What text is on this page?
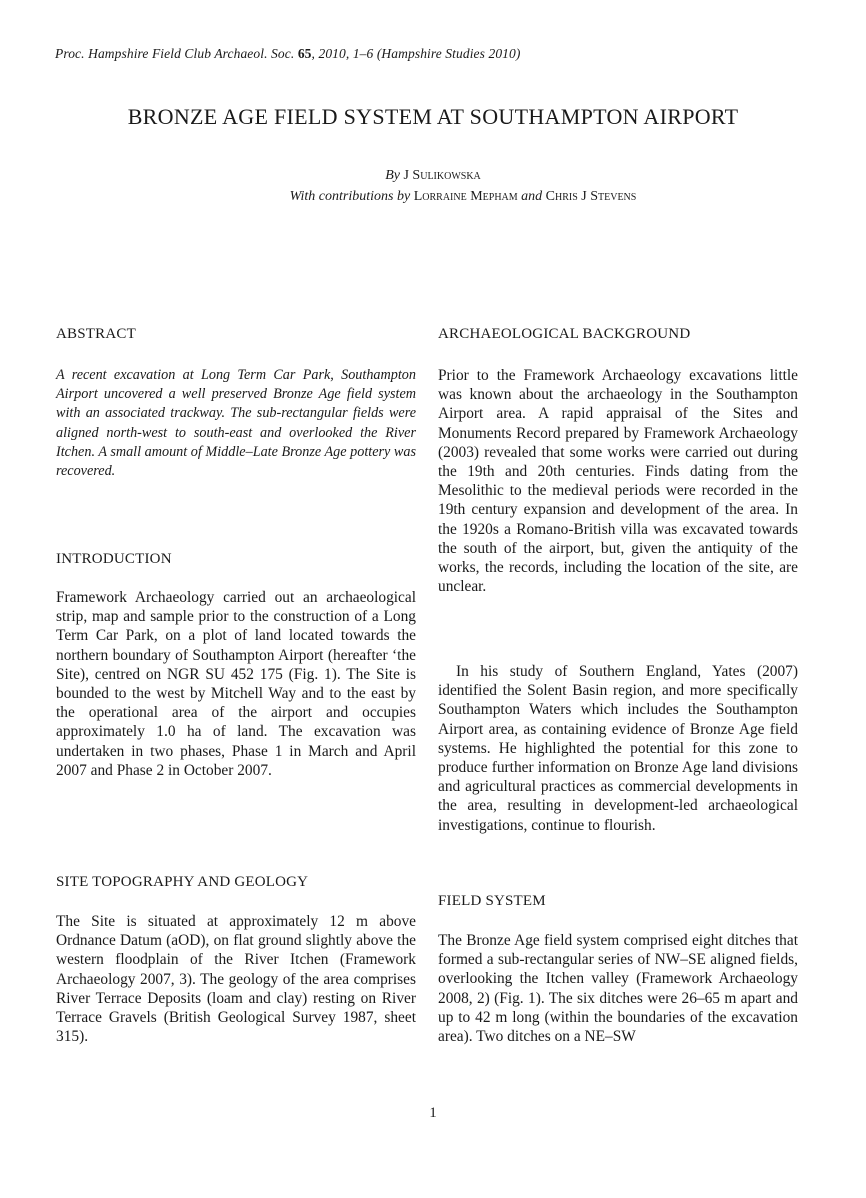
Proc. Hampshire Field Club Archaeol. Soc. 65, 2010, 1–6 (Hampshire Studies 2010)
BRONZE AGE FIELD SYSTEM AT SOUTHAMPTON AIRPORT
By J Sulikowska
With contributions by Lorraine Mepham and Chris J Stevens
ABSTRACT
A recent excavation at Long Term Car Park, Southampton Airport uncovered a well preserved Bronze Age field system with an associated trackway. The sub-rectangular fields were aligned north-west to south-east and overlooked the River Itchen. A small amount of Middle–Late Bronze Age pottery was recovered.
INTRODUCTION
Framework Archaeology carried out an archaeological strip, map and sample prior to the construction of a Long Term Car Park, on a plot of land located towards the northern boundary of Southampton Airport (hereafter ‘the Site), centred on NGR SU 452 175 (Fig. 1). The Site is bounded to the west by Mitchell Way and to the east by the operational area of the airport and occupies approximately 1.0 ha of land. The excavation was undertaken in two phases, Phase 1 in March and April 2007 and Phase 2 in October 2007.
SITE TOPOGRAPHY AND GEOLOGY
The Site is situated at approximately 12 m above Ordnance Datum (aOD), on flat ground slightly above the western floodplain of the River Itchen (Framework Archaeology 2007, 3). The geology of the area comprises River Terrace Deposits (loam and clay) resting on River Terrace Gravels (British Geological Survey 1987, sheet 315).
ARCHAEOLOGICAL BACKGROUND
Prior to the Framework Archaeology excavations little was known about the archaeology in the Southampton Airport area. A rapid appraisal of the Sites and Monuments Record prepared by Framework Archaeology (2003) revealed that some works were carried out during the 19th and 20th centuries. Finds dating from the Mesolithic to the medieval periods were recorded in the 19th century expansion and development of the area. In the 1920s a Romano-British villa was excavated towards the south of the airport, but, given the antiquity of the works, the records, including the location of the site, are unclear.
In his study of Southern England, Yates (2007) identified the Solent Basin region, and more specifically Southampton Waters which includes the Southampton Airport area, as containing evidence of Bronze Age field systems. He highlighted the potential for this zone to produce further information on Bronze Age land divisions and agricultural practices as commercial developments in the area, resulting in development-led archaeological investigations, continue to flourish.
FIELD SYSTEM
The Bronze Age field system comprised eight ditches that formed a sub-rectangular series of NW–SE aligned fields, overlooking the Itchen valley (Framework Archaeology 2008, 2) (Fig. 1). The six ditches were 26–65 m apart and up to 42 m long (within the boundaries of the excavation area). Two ditches on a NE–SW
1
